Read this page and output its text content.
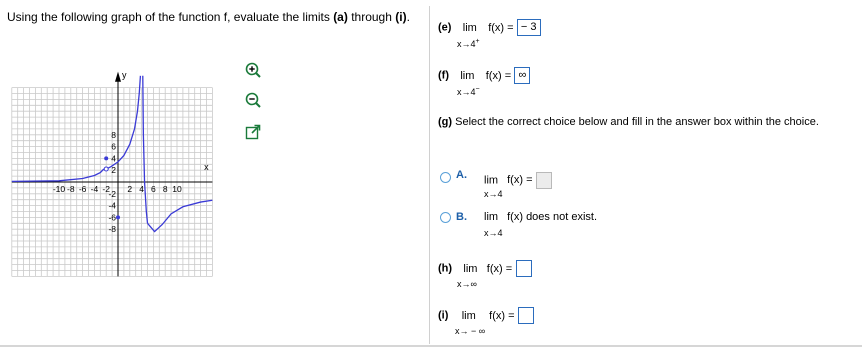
Using the following graph of the function f, evaluate the limits (a) through (i).
y
x
-10 -8 -6 -4 -2 2 4 6 8 10
8
6
4
2
-2
-4
-6
-8
(e) lim f(x) = − 3
x→4+
(f) lim f(x) = ∞
x→4−
(g) Select the correct choice below and fill in the answer box within the choice.
A. lim f(x) =
x→4
B. lim f(x) does not exist.
x→4
(h) lim f(x) =
x→∞
(i) lim f(x) =
x→ − ∞
